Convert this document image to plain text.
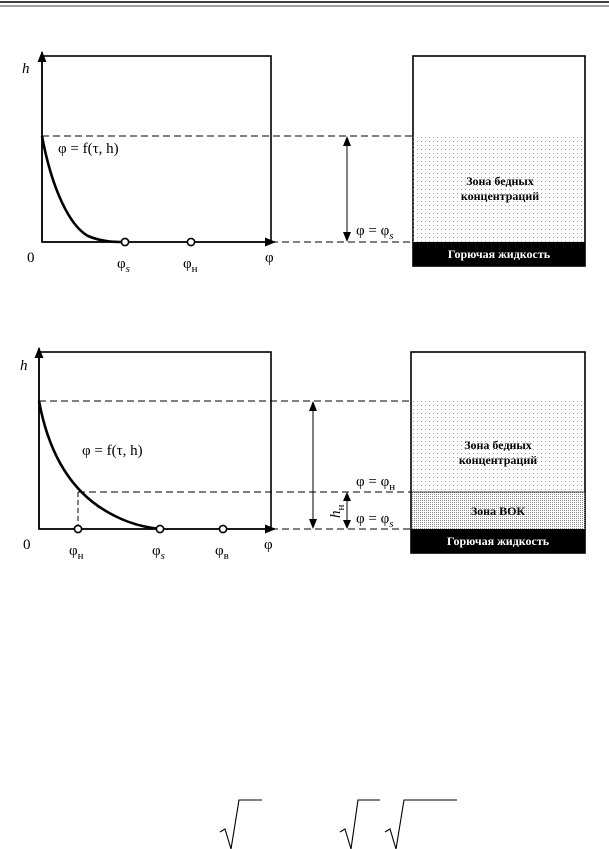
h
0	φ
φ = f(τ, h)
$\varphi_s$	$\varphi_н$
$\varphi = \varphi_s$
Зона бедных
концентраций
Горючая жидкость
h
0	φ
φ = f(τ, h)
$\varphi_н$	$\varphi_s$	$\varphi_в$
$h_н$
$\varphi = \varphi_н$
$\varphi = \varphi_s$
Зона бедных
концентраций
Зона ВОК
Горючая жидкость
